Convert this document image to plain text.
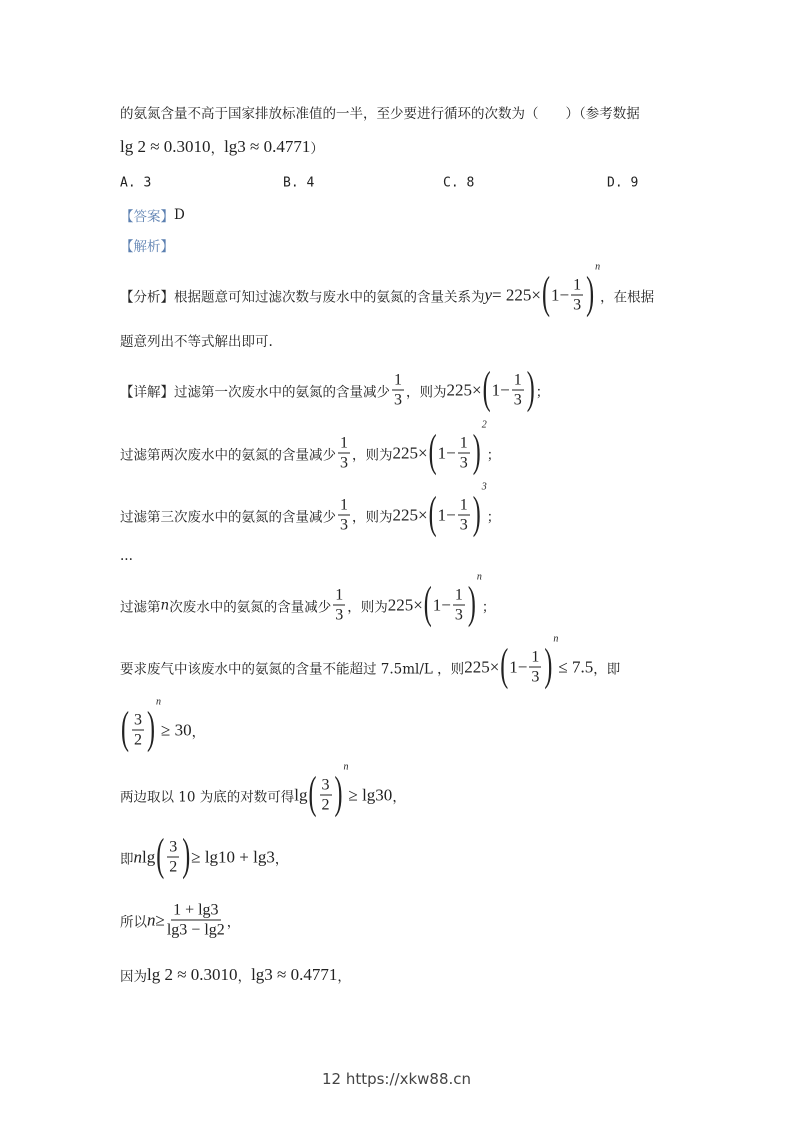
的氨氮含量不高于国家排放标准值的一半，至少要进行循环的次数为（　　）（参考数据
lg 2 ≈ 0.3010 ， lg3 ≈ 0.4771 ）
【答案】 D
【解析】
【分析】根据题意可知过滤次数与废水中的氨氮的含量关系为 y = 225× ( $1- \frac{1}{3}$ )
n
，在根据
题意列出不等式解出即可.
【详解】过滤第一次废水中的氨氮的含量减少 $\frac{1}{3}$ ，则为 225× ( $1- \frac{1}{3}$ ) ；
过滤第两次废水中的氨氮的含量减少 $\frac{1}{3}$ ，则为 225× ( $1- \frac{1}{3}$ )
2
；
过滤第三次废水中的氨氮的含量减少 $\frac{1}{3}$ ，则为 225× ( $1- \frac{1}{3}$ )
3
；
...
过滤第 n 次废水中的氨氮的含量减少 $\frac{1}{3}$ ，则为 225× ( $1- \frac{1}{3}$ )
n
；
要求废气中该废水中的氨氮的含量不能超过 7.5ml/L ，则 225× ( $1- \frac{1}{3}$ )
n
≤ 7.5 ，即
( $\frac{3}{2}$ )
n
≥ 30 ，
两边取以 10 为底的对数可得 lg ( $\frac{3}{2}$ )
n
≥ lg30 ，
即 n lg ( $\frac{3}{2}$ ) ≥ lg10 + lg3 ，
所以 $n \ge \frac{1 + \lg 3}{\lg 3 - \lg 2}$ ，
因为 lg 2 ≈ 0.3010 ， lg3 ≈ 0.4771 ，
A. 3	B. 4	C. 8	D. 9
12 https://xkw88.cn
